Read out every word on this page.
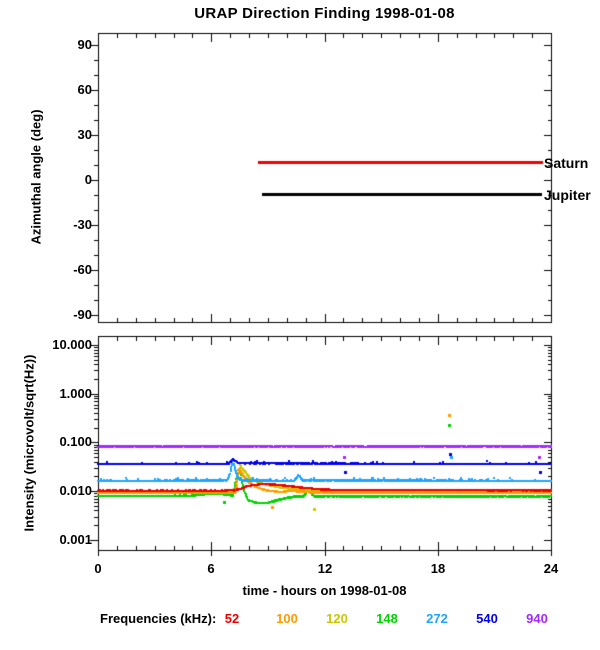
URAP Direction Finding 1998-01-08
Azimuthal angle (deg)
Intensity (microvolt/sqrt(Hz))
time - hours on 1998-01-08
Frequencies (kHz):
90
60
30
0
-30
-60
-90
10.000
1.000
0.100
0.010
0.001
0	6	12	18	24
Saturn
Jupiter
52	100	120	148	272	540	940
